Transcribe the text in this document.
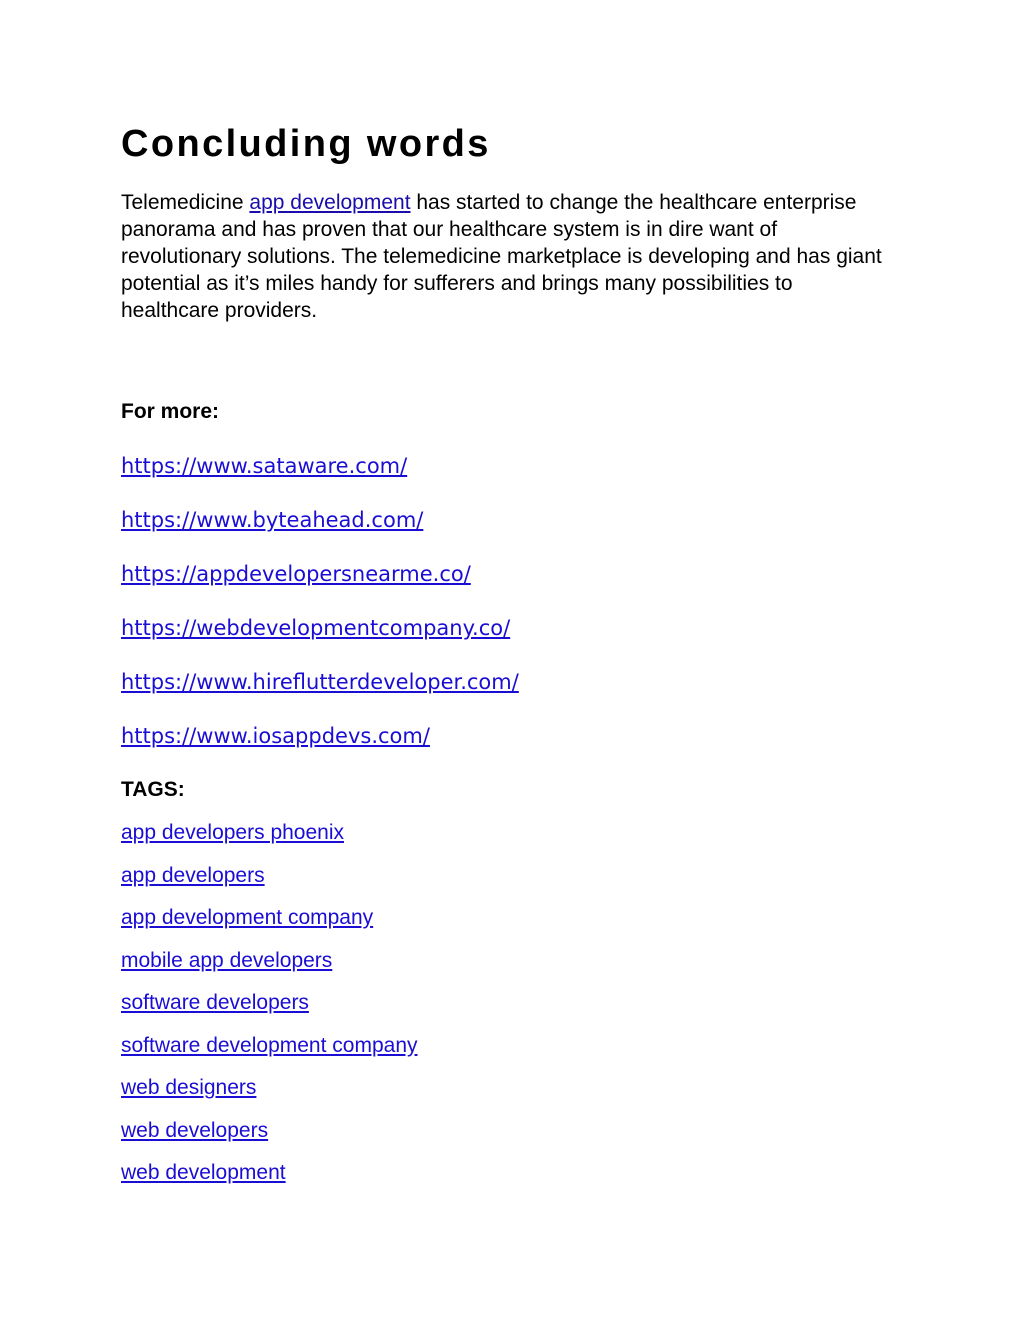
Concluding words

Telemedicine app development has started to change the healthcare enterprise panorama and has proven that our healthcare system is in dire want of revolutionary solutions. The telemedicine marketplace is developing and has giant potential as it’s miles handy for sufferers and brings many possibilities to healthcare providers.

For more:

https://www.sataware.com/
https://www.byteahead.com/
https://appdevelopersnearme.co/
https://webdevelopmentcompany.co/
https://www.hireflutterdeveloper.com/
https://www.iosappdevs.com/

TAGS:

app developers phoenix
app developers
app development company
mobile app developers
software developers
software development company
web designers
web developers
web development
